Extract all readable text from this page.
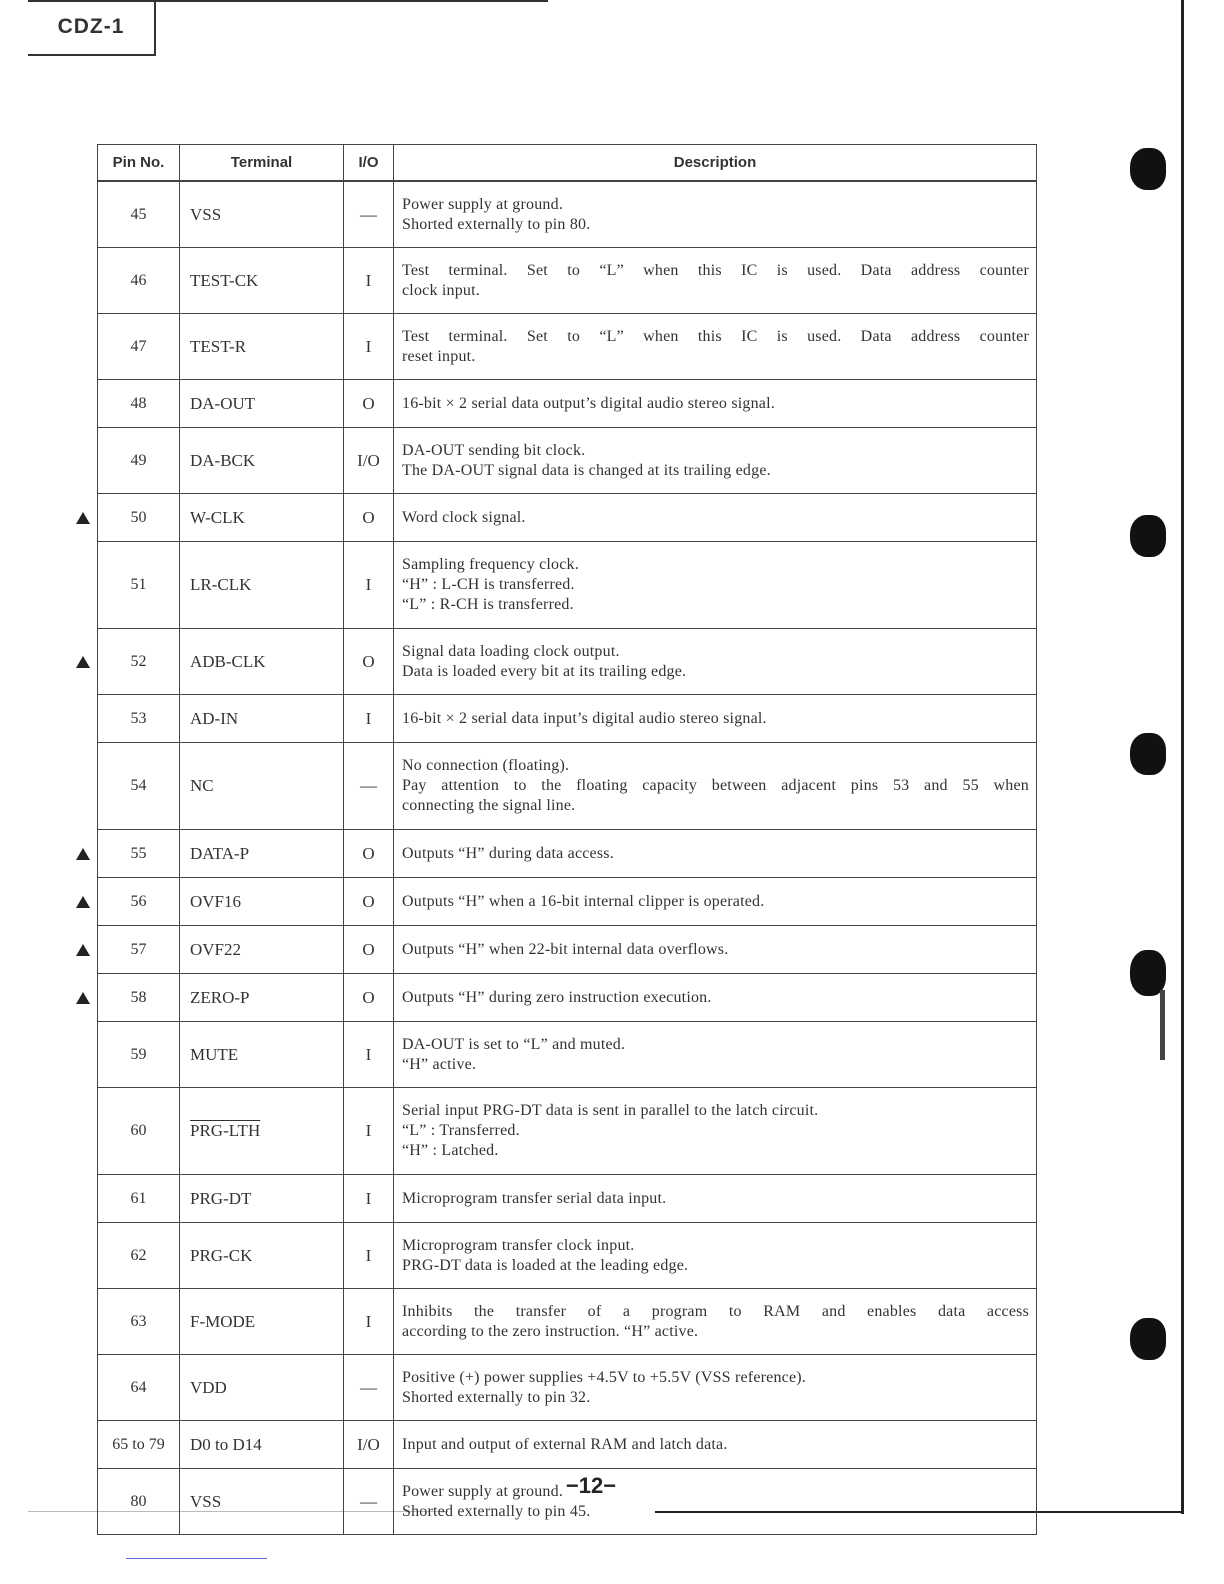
CDZ-1
Pin No.	Terminal	I/O	Description
45	VSS	—	Power supply at ground.
Shorted externally to pin 80.

46	TEST-CK	I	Test terminal. Set to “L” when this IC is used. Data address counter
clock input.

47	TEST-R	I	Test terminal. Set to “L” when this IC is used. Data address counter
reset input.

48	DA-OUT	O	16-bit × 2 serial data output’s digital audio stereo signal.

49	DA-BCK	I/O	DA-OUT sending bit clock.
The DA-OUT signal data is changed at its trailing edge.

50	W-CLK	O	Word clock signal.

51	LR-CLK	I	Sampling frequency clock.
“H” : L-CH is transferred.
“L” : R-CH is transferred.

52	ADB-CLK	O	Signal data loading clock output.
Data is loaded every bit at its trailing edge.

53	AD-IN	I	16-bit × 2 serial data input’s digital audio stereo signal.

54	NC	—	No connection (floating).
Pay attention to the floating capacity between adjacent pins 53 and 55 when
connecting the signal line.

55	DATA-P	O	Outputs “H” during data access.

56	OVF16	O	Outputs “H” when a 16-bit internal clipper is operated.

57	OVF22	O	Outputs “H” when 22-bit internal data overflows.

58	ZERO-P	O	Outputs “H” during zero instruction execution.

59	MUTE	I	DA-OUT is set to “L” and muted.
“H” active.

60	PRG-LTH	I	Serial input PRG-DT data is sent in parallel to the latch circuit.
“L” : Transferred.
“H” : Latched.

61	PRG-DT	I	Microprogram transfer serial data input.

62	PRG-CK	I	Microprogram transfer clock input.
PRG-DT data is loaded at the leading edge.

63	F-MODE	I	Inhibits the transfer of a program to RAM and enables data access
according to the zero instruction. “H” active.

64	VDD	—	Positive (+) power supplies +4.5V to +5.5V (VSS reference).
Shorted externally to pin 32.

65 to 79	D0 to D14	I/O	Input and output of external RAM and latch data.

80	VSS	—	Power supply at ground.
Shorted externally to pin 45.
−12−
